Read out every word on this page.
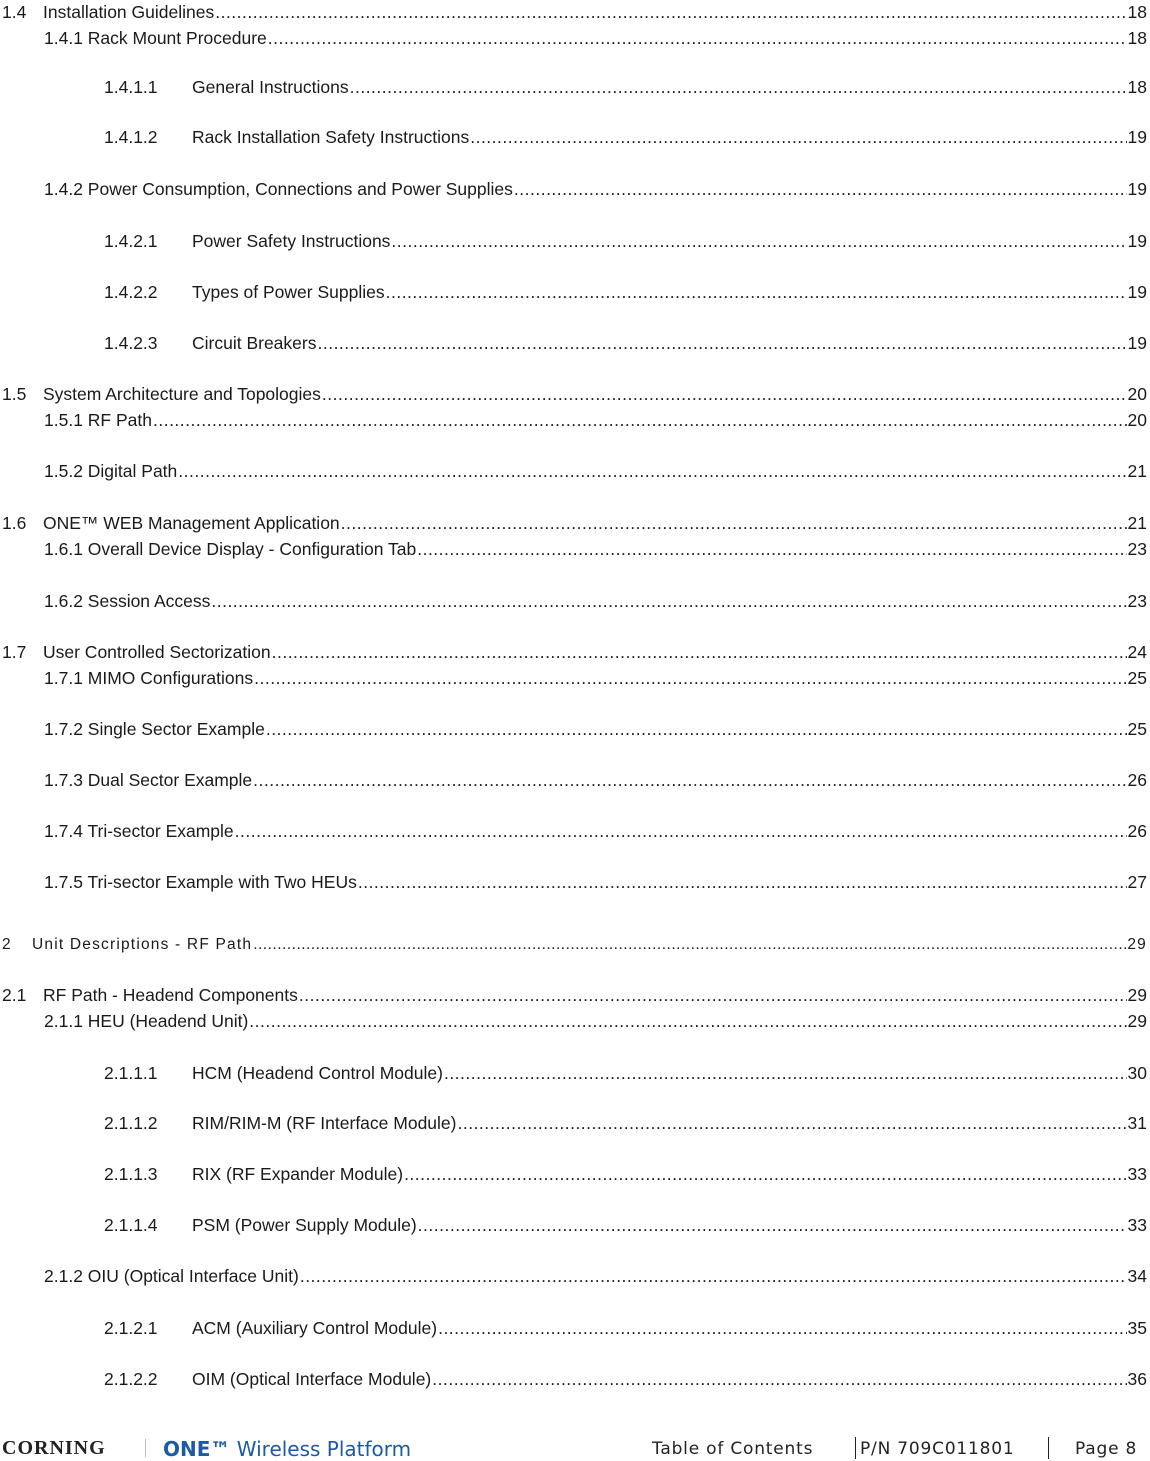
1.4 Installation Guidelines .....	18
1.4.1 Rack Mount Procedure .....	18
1.4.1.1	General Instructions .....	18
1.4.1.2	Rack Installation Safety Instructions .....	19
1.4.2 Power Consumption, Connections and Power Supplies .....	19
1.4.2.1	Power Safety Instructions .....	19
1.4.2.2	Types of Power Supplies .....	19
1.4.2.3	Circuit Breakers .....	19
1.5 System Architecture and Topologies .....	20
1.5.1 RF Path .....	20
1.5.2 Digital Path .....	21
1.6 ONE™ WEB Management Application .....	21
1.6.1 Overall Device Display - Configuration Tab .....	23
1.6.2 Session Access .....	23
1.7 User Controlled Sectorization .....	24
1.7.1 MIMO Configurations .....	25
1.7.2 Single Sector Example .....	25
1.7.3 Dual Sector Example .....	26
1.7.4 Tri-sector Example .....	26
1.7.5 Tri-sector Example with Two HEUs .....	27
2	Unit Descriptions - RF Path .....	29
2.1 RF Path - Headend Components .....	29
2.1.1 HEU (Headend Unit) .....	29
2.1.1.1	HCM (Headend Control Module) .....	30
2.1.1.2	RIM/RIM-M (RF Interface Module) .....	31
2.1.1.3	RIX (RF Expander Module) .....	33
2.1.1.4	PSM (Power Supply Module) .....	33
2.1.2 OIU (Optical Interface Unit) .....	34
2.1.2.1	ACM (Auxiliary Control Module) .....	35
2.1.2.2	OIM (Optical Interface Module) .....	36
CORNING	ONE™ Wireless Platform	Table of Contents	P/N 709C011801	Page 8
